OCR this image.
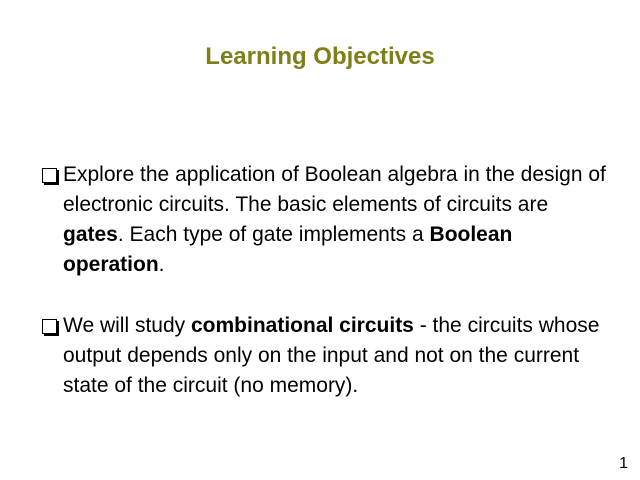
Learning Objectives
Explore the application of Boolean algebra in the design of electronic circuits. The basic elements of circuits are gates. Each type of gate implements a Boolean operation.
We will study combinational circuits - the circuits whose output depends only on the input and not on the current state of the circuit (no memory).
1
